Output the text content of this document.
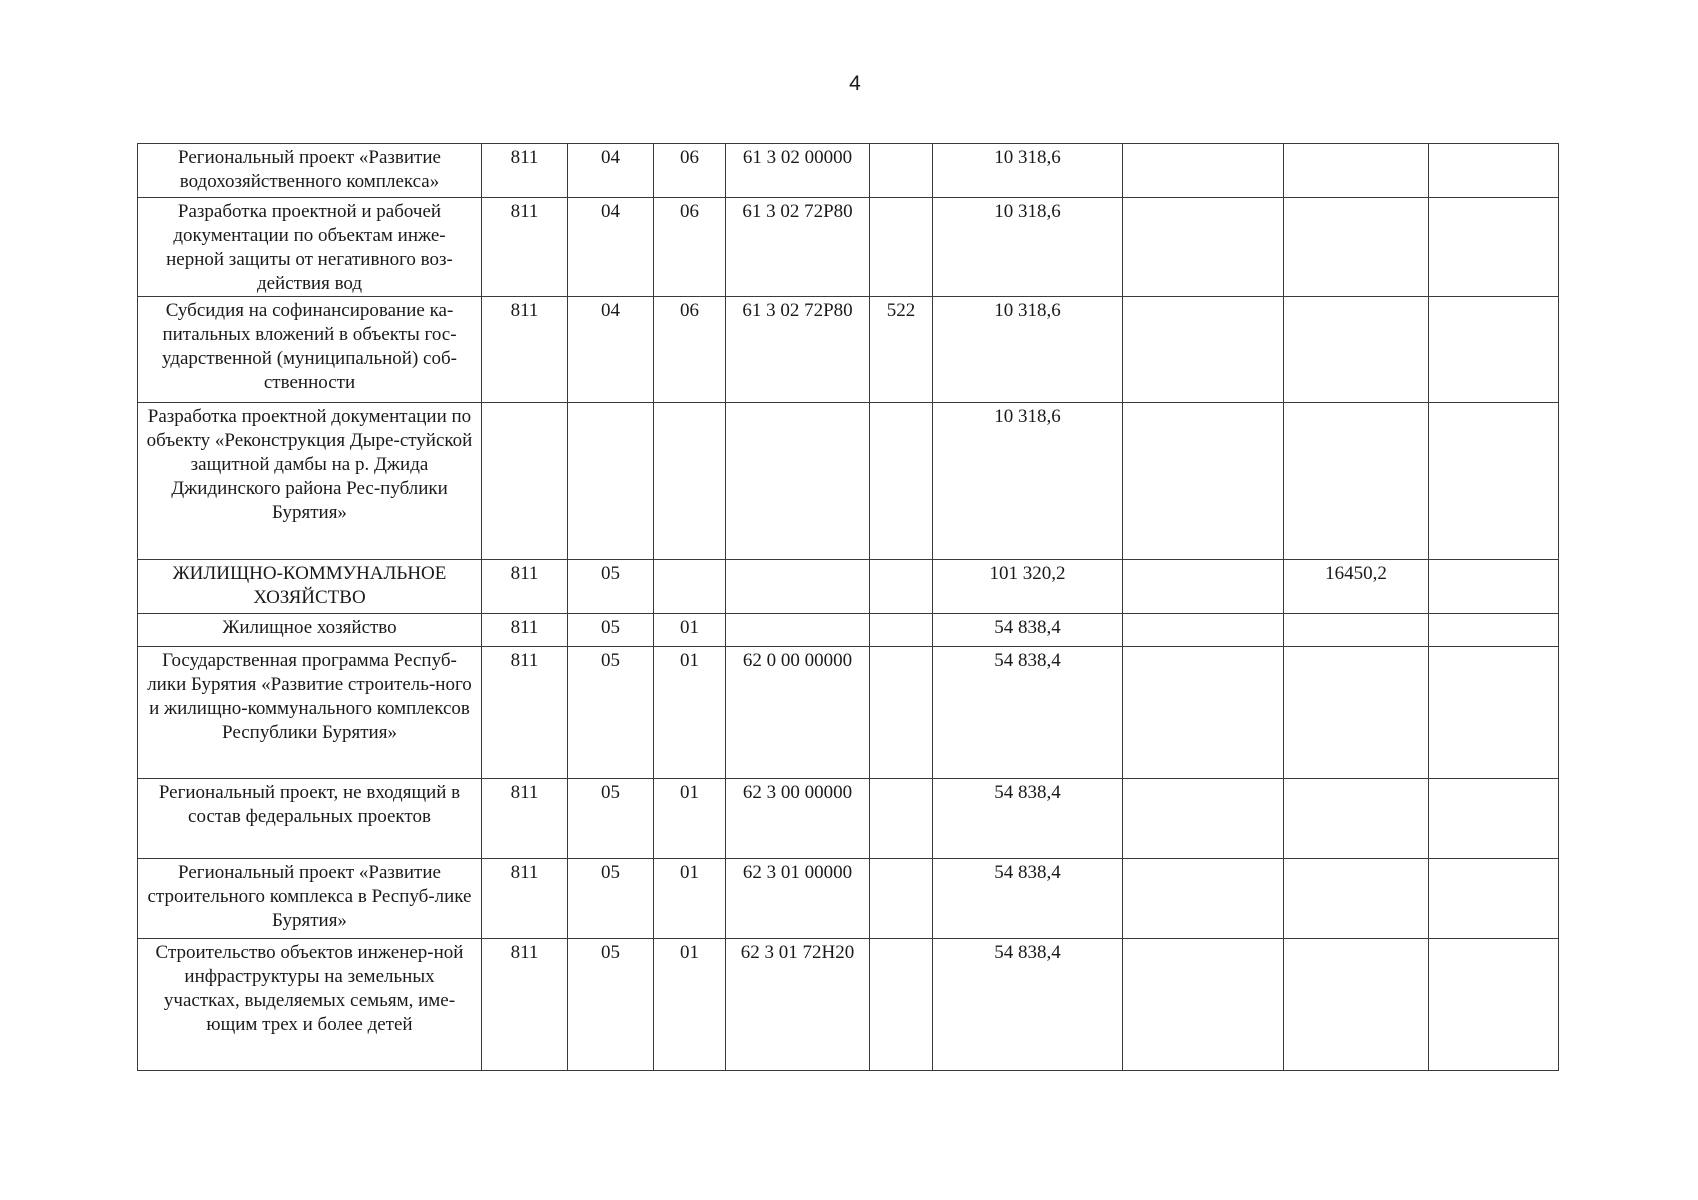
4
Региональный проект «Развитие водохозяйственного комплекса»	811	04	06	61 3 02 00000		10 318,6			
Разработка проектной и рабочей документации по объектам инже-нерной защиты от негативного воз-действия вод	811	04	06	61 3 02 72Р80		10 318,6			
Субсидия на софинансирование ка-питальных вложений в объекты гос-ударственной (муниципальной) соб-ственности	811	04	06	61 3 02 72Р80	522	10 318,6			
Разработка проектной документации по объекту «Реконструкция Дыре-стуйской защитной дамбы на р. Джида Джидинского района Рес-публики Бурятия»						10 318,6			
ЖИЛИЩНО-КОММУНАЛЬНОЕ ХОЗЯЙСТВО	811	05				101 320,2		16450,2	
Жилищное хозяйство	811	05	01			54 838,4			
Государственная программа Респуб-лики Бурятия «Развитие строитель-ного и жилищно-коммунального комплексов Республики Бурятия»	811	05	01	62 0 00 00000		54 838,4			
Региональный проект, не входящий в состав федеральных проектов	811	05	01	62 3 00 00000		54 838,4			
Региональный проект «Развитие строительного комплекса в Респуб-лике Бурятия»	811	05	01	62 3 01 00000		54 838,4			
Строительство объектов инженер-ной инфраструктуры на земельных участках, выделяемых семьям, име-ющим трех и более детей	811	05	01	62 3 01 72Н20		54 838,4			
